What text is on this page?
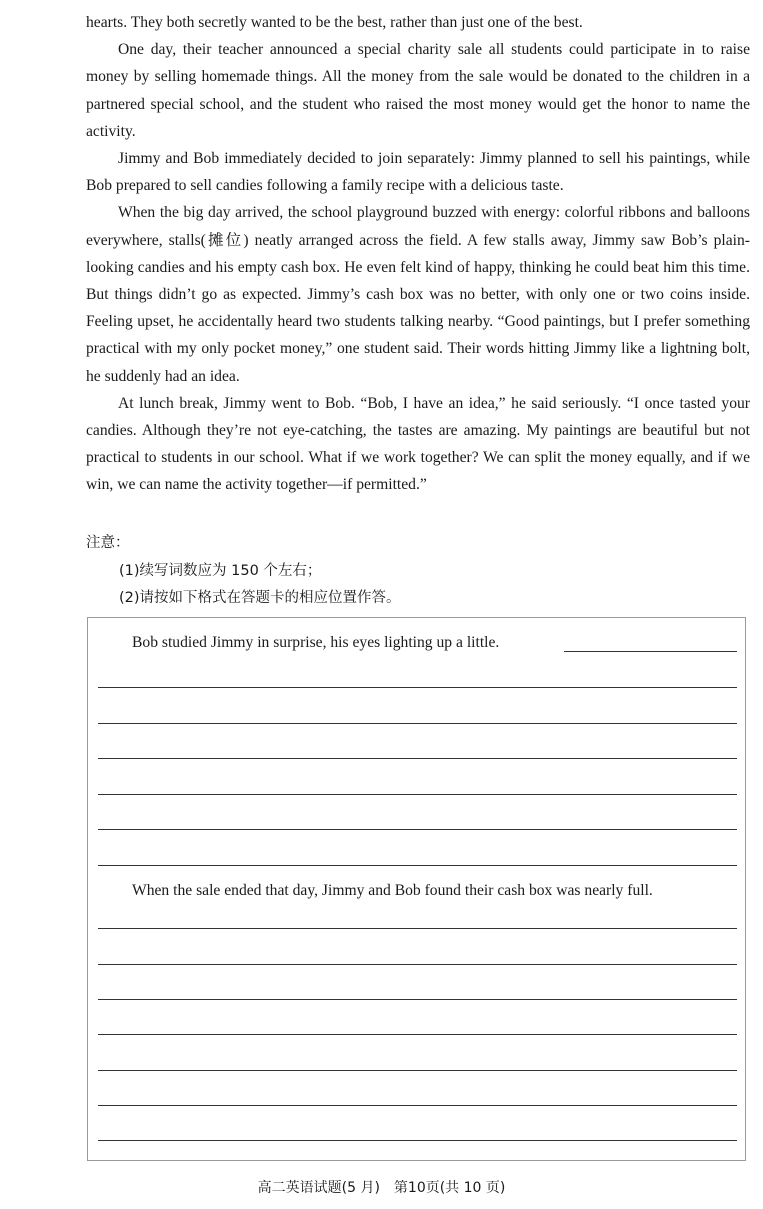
hearts. They both secretly wanted to be the best, rather than just one of the best.

One day, their teacher announced a special charity sale all students could participate in to raise money by selling homemade things. All the money from the sale would be donated to the children in a partnered special school, and the student who raised the most money would get the honor to name the activity.

Jimmy and Bob immediately decided to join separately: Jimmy planned to sell his paintings, while Bob prepared to sell candies following a family recipe with a delicious taste.

When the big day arrived, the school playground buzzed with energy: colorful ribbons and balloons everywhere, stalls(摊位) neatly arranged across the field. A few stalls away, Jimmy saw Bob’s plain-looking candies and his empty cash box. He even felt kind of happy, thinking he could beat him this time. But things didn’t go as expected. Jimmy’s cash box was no better, with only one or two coins inside. Feeling upset, he accidentally heard two students talking nearby. “Good paintings, but I prefer something practical with my only pocket money,” one student said. Their words hitting Jimmy like a lightning bolt, he suddenly had an idea.

At lunch break, Jimmy went to Bob. “Bob, I have an idea,” he said seriously. “I once tasted your candies. Although they’re not eye-catching, the tastes are amazing. My paintings are beautiful but not practical to students in our school. What if we work together? We can split the money equally, and if we win, we can name the activity together—if permitted.”

注意：
(1)续写词数应为 150 个左右；
(2)请按如下格式在答题卡的相应位置作答。
Bob studied Jimmy in surprise, his eyes lighting up a little.
When the sale ended that day, Jimmy and Bob found their cash box was nearly full.
高二英语试题(5 月)　第10页(共 10 页)
